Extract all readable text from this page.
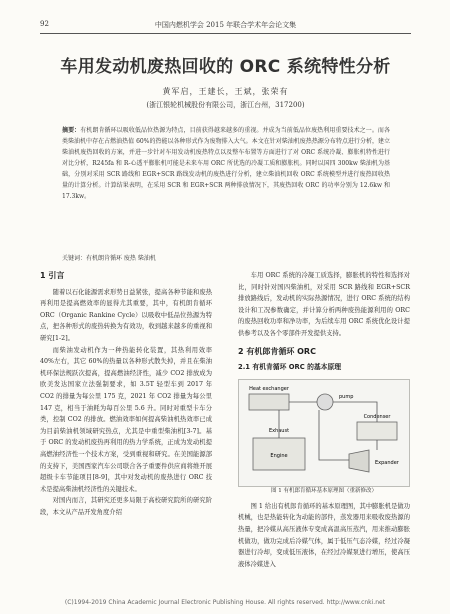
92	中国内燃机学会 2015 年联合学术年会论文集
车用发动机废热回收的 ORC 系统特性分析
黄军启，王建长，王斌，张荣有
(浙江银轮机械股份有限公司，浙江台州，317200)
摘要：有机朗肯循环以吸收低品位热源为特点，目前获得越来越多的重视。并成为当前低品位废热利用重要技术之一。而各类柴油机中存在占燃油热值 60%的热能以各种形式作为废物排入大气。本文在针对柴油机废热热源分布特点进行分析，建立柴油机废热回收的方案，并进一步针对车用发动机废热特点以及整车布置等方面进行了对 ORC 系统冷凝、膨胀机特性进行对比分析，R245fa 和 R-心透平膨胀机可能是未来车用 ORC 所优选的冷凝工质和膨胀机。同时以国四 300kw 柴油机为基础，分别对采用 SCR 路线和 EGR+SCR 路线发动机的废热进行分析，建立柴油机回收 ORC 系统模型并进行废热回收热量的计算分析。计算结果表明，在采用 SCR 和 EGR+SCR 两种排放情况下，其废热回收 ORC 的功率分别为 12.6kw 和 17.3kw。
关键词：有机朗肯循环 废热 柴油机
1 引言

随着以石化能源需求形势日益紧张，提高各种节能和废热再利用是提高燃效率的显得尤其重要，其中，有机朗肯循环 ORC（Organic Rankine Cycle）以吸收中低品位热源为特点，把各种形式的废热转换为有效功，收到越来越多的重视和研究[1-2]。

而柴油发动机作为一种热能转化装置，其热利用效率 40%左右，其它 60%的热量以各种形式散失掉，并且在柴油机环保法规跃次提高，提高燃油经济性，减少 CO2 排放成为欧美发达国家立法强制要求，如 3.5T 轻型车到 2017 年 CO2 的排量为每公里 175 克，2021 年 CO2 排量为每公里 147 克，相当于油耗为每百公里 5.6 升。同时对重型卡车分类，控制 CO2 的排放。燃油效率如何提高柴油机热效率已成为目前柴油机领域研究热点，尤其是中重型柴油机[3-7]。基于 ORC 的发动机废热再利用的热力学系统，正成为发动机提高燃油经济性一个技术方案，受到重视和研究。在美国能源部的支持下，美国西家汽车公司联合各子重要件供应商将维开展超级卡车节能项目[8-9]，其中对发动机的废热进行 ORC 技术是提高柴油机经济性的关键技术。

对国内而言，其研究还更多局限于高校研究院所的研究阶段，本文从产品开发角度介绍

车用 ORC 系统的冷凝工质选择，膨胀机的特性和选择对比，同时针对国四柴油机，对采用 SCR 路线和 EGR+SCR 排放路线后，发动机的实际热源情况，进行 ORC 系统的结构设计和工况参数确定，并计算分析两种废热能源利用的 ORC 的废热回收功率和净功率，为后续车用 ORC 系统优化设计提供参考以及各个零部件开发提供支持。

2 有机郎肯循环 ORC
2.1 有机肯循环 ORC 的基本原理
Heat exchanger
pump
Condenser
Expander
Engine
Exhaust
图 1 有机郎肯循环基本原理图（重新修改）

图 1 给出有机郎肯循环的基本原理图，其中膨胀机是做功机械，也是热能转化为动能的部件，蒸发器用来吸收废热源的热量，把冷媒从高压液体专变成高温高压蒸汽，用来推动膨胀机做功，做功完成后冷媒气体，属于低压气态冷媒，经过冷凝器进行冷却，变成低压液体，在经过冷媒泵进行增压，使高压液体冷媒进入

(C)1994-2019 China Academic Journal Electronic Publishing House. All rights reserved. http://www.cnki.net
